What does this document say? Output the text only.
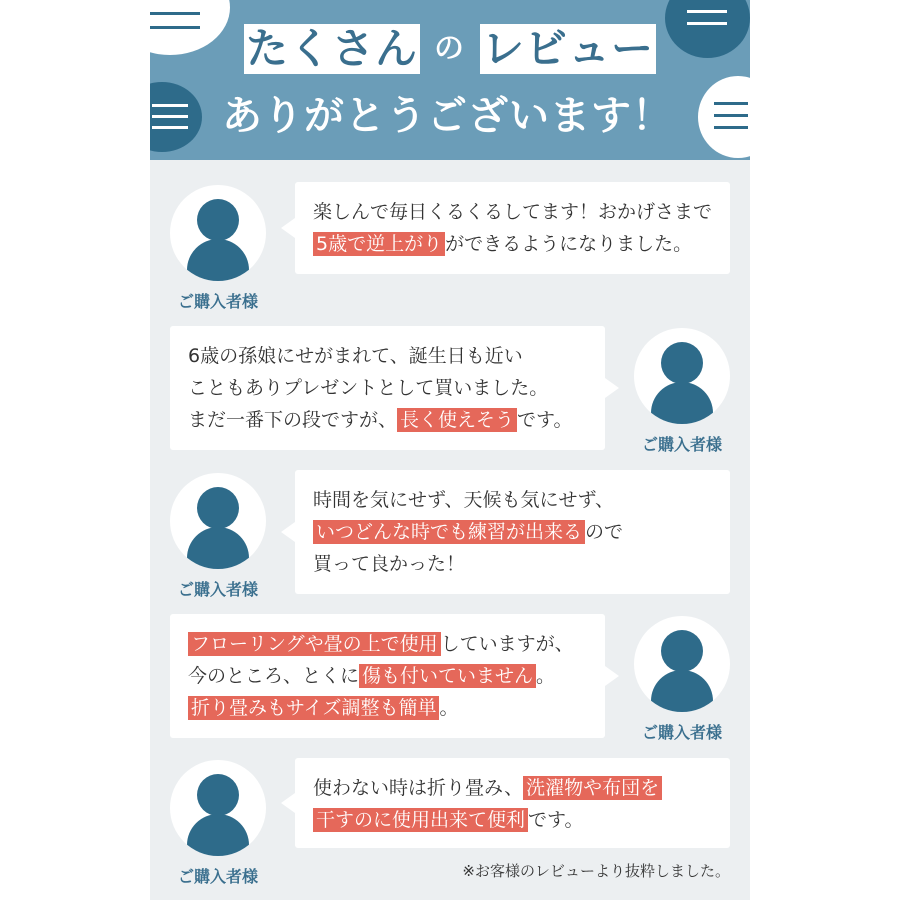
たくさん の レビュー
ありがとうございます！
ご購入者様
楽しんで毎日くるくるしてます！おかげさまで
5歳で逆上がり ができるようになりました。
ご購入者様
6歳の孫娘にせがまれて、誕生日も近い
こともありプレゼントとして買いました。
まだ一番下の段ですが、 長く使えそう です。
ご購入者様
時間を気にせず、天候も気にせず、
いつどんな時でも練習が出来る ので
買って良かった！
ご購入者様
フローリングや畳の上で使用 していますが、
今のところ、とくに 傷も付いていません 。
折り畳みもサイズ調整も簡単 。
ご購入者様
使わない時は折り畳み、 洗濯物や布団を
干すのに使用出来て便利 です。
※お客様のレビューより抜粋しました。
